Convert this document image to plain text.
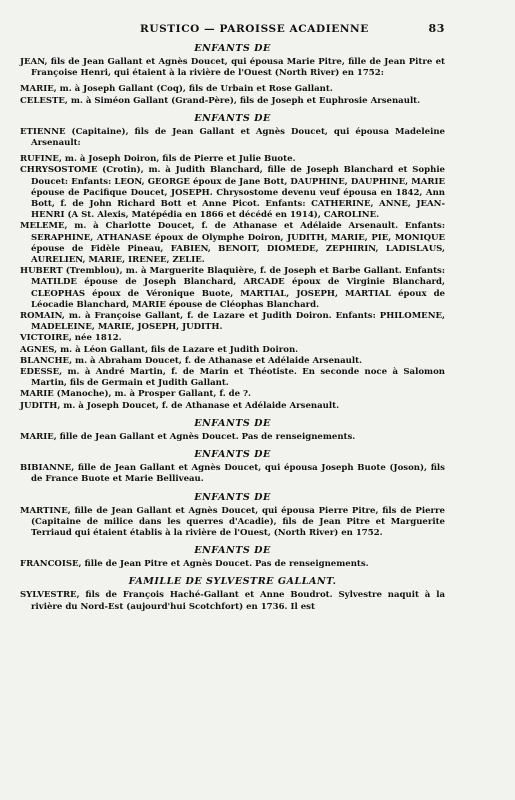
RUSTICO — PAROISSE ACADIENNE	83
ENFANTS DE

JEAN, fils de Jean Gallant et Agnès Doucet, qui épousa Marie Pitre, fille de Jean Pitre et Françoise Henri, qui étaient à la rivière de l'Ouest (North River) en 1752:

MARIE, m. à Joseph Gallant (Coq), fils de Urbain et Rose Gallant.

CELESTE, m. à Siméon Gallant (Grand-Père), fils de Joseph et Euphrosie Arsenault.

ENFANTS DE

ETIENNE (Capitaine), fils de Jean Gallant et Agnès Doucet, qui épousa Madeleine Arsenault:

RUFINE, m. à Joseph Doiron, fils de Pierre et Julie Buote.

CHRYSOSTOME (Crotin), m. à Judith Blanchard, fille de Joseph Blanchard et Sophie Doucet: Enfants: LEON, GEORGE époux de Jane Bott, DAUPHINE, DAUPHINE, MARIE épouse de Pacifique Doucet, JOSEPH. Chrysostome devenu veuf épousa en 1842, Ann Bott, f. de John Richard Bott et Anne Picot. Enfants: CATHERINE, ANNE, JEAN-HENRI (A St. Alexis, Matépédia en 1866 et décédé en 1914), CAROLINE.

MELEME, m. à Charlotte Doucet, f. de Athanase et Adélaide Arsenault. Enfants: SERAPHINE, ATHANASE époux de Olymphe Doiron, JUDITH, MARIE, PIE, MONIQUE épouse de Fidèle Pineau, FABIEN, BENOIT, DIOMEDE, ZEPHIRIN, LADISLAUS, AURELIEN, MARIE, IRENEE, ZELIE.

HUBERT (Tremblou), m. à Marguerite Blaquière, f. de Joseph et Barbe Gallant. Enfants: MATILDE épouse de Joseph Blanchard, ARCADE époux de Virginie Blanchard, CLEOPHAS époux de Véronique Buote, MARTIAL, JOSEPH, MARTIAL époux de Léocadie Blanchard, MARIE épouse de Cléophas Blanchard.

ROMAIN, m. à Françoise Gallant, f. de Lazare et Judith Doiron. Enfants: PHILOMENE, MADELEINE, MARIE, JOSEPH, JUDITH.

VICTOIRE, née 1812.

AGNES, m. à Léon Gallant, fils de Lazare et Judith Doiron.

BLANCHE, m. à Abraham Doucet, f. de Athanase et Adélaide Arsenault.

EDESSE, m. à André Martin, f. de Marin et Théotiste. En seconde noce à Salomon Martin, fils de Germain et Judith Gallant.

MARIE (Manoche), m. à Prosper Gallant, f. de ?.

JUDITH, m. à Joseph Doucet, f. de Athanase et Adélaide Arsenault.

ENFANTS DE

MARIE, fille de Jean Gallant et Agnès Doucet. Pas de renseignements.

ENFANTS DE

BIBIANNE, fille de Jean Gallant et Agnès Doucet, qui épousa Joseph Buote (Joson), fils de France Buote et Marie Belliveau.

ENFANTS DE

MARTINE, fille de Jean Gallant et Agnès Doucet, qui épousa Pierre Pitre, fils de Pierre (Capitaine de milice dans les querres d'Acadie), fils de Jean Pitre et Marguerite Terriaud qui étaient établis à la rivière de l'Ouest, (North River) en 1752.

ENFANTS DE

FRANCOISE, fille de Jean Pitre et Agnès Doucet. Pas de renseignements.

FAMILLE DE SYLVESTRE GALLANT.

SYLVESTRE, fils de François Haché-Gallant et Anne Boudrot. Sylvestre naquit à la rivière du Nord-Est (aujourd'hui Scotchfort) en 1736. Il est
